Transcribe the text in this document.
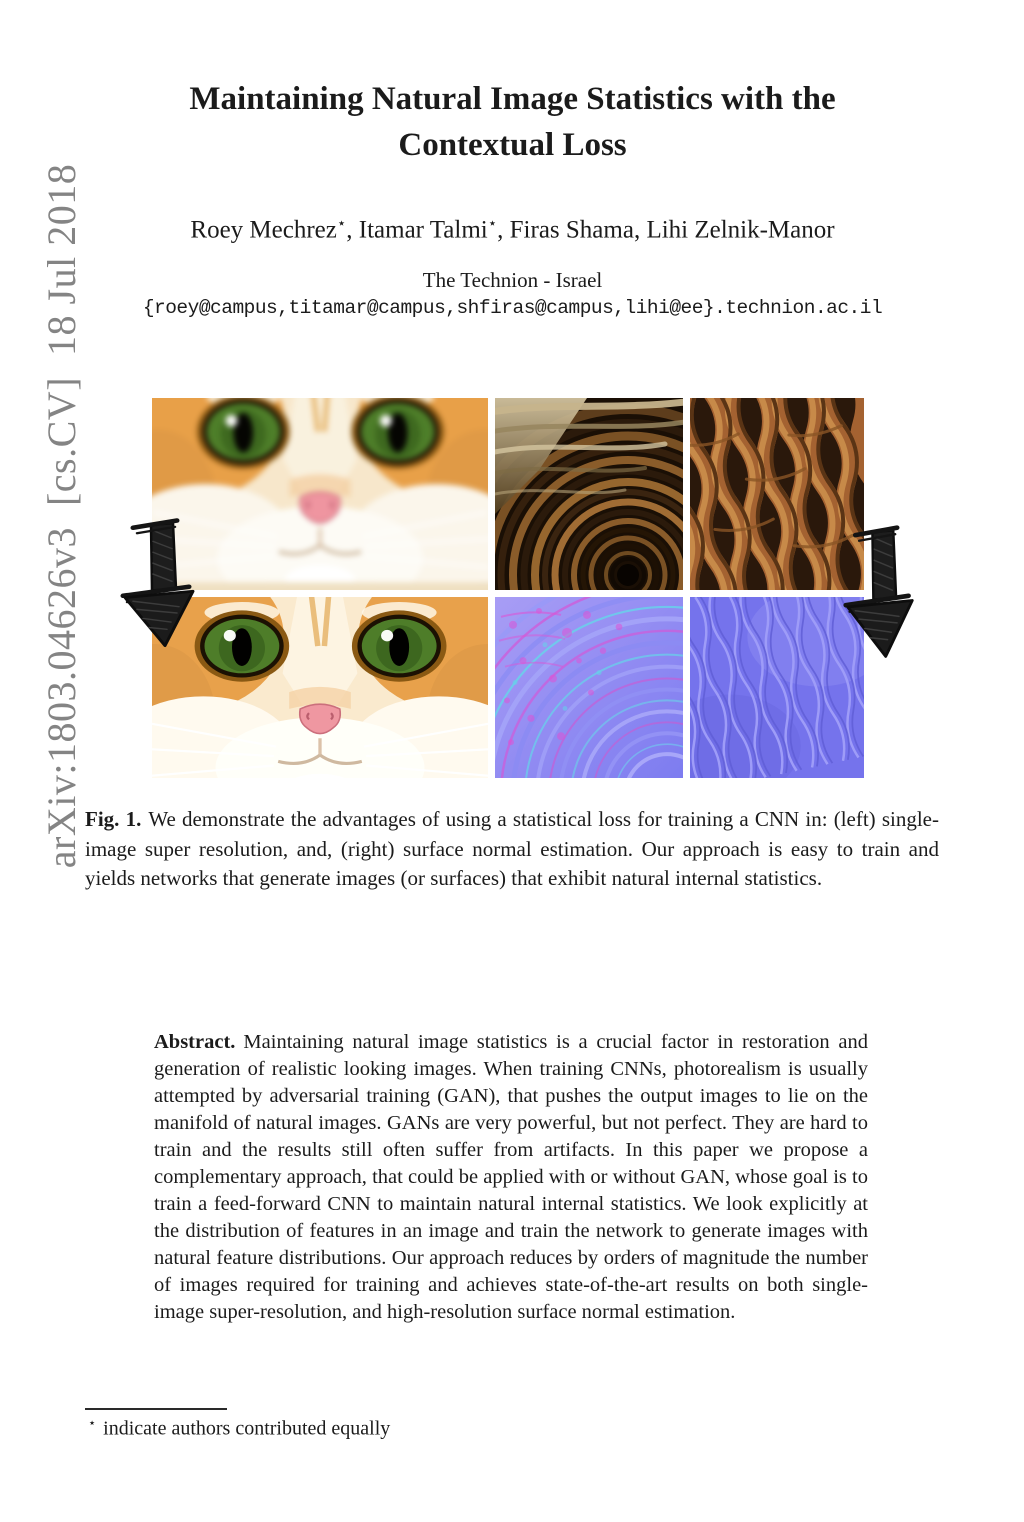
arXiv:1803.04626v3  [cs.CV]  18 Jul 2018
Maintaining Natural Image Statistics with the
Contextual Loss
Roey Mechrez⋆, Itamar Talmi⋆, Firas Shama, Lihi Zelnik-Manor
The Technion - Israel
{roey@campus,titamar@campus,shfiras@campus,lihi@ee}.technion.ac.il
Fig. 1. We demonstrate the advantages of using a statistical loss for training a CNN in: (left) single-image super resolution, and, (right) surface normal estimation. Our approach is easy to train and yields networks that generate images (or surfaces) that exhibit natural internal statistics.
Abstract. Maintaining natural image statistics is a crucial factor in restoration and generation of realistic looking images. When training CNNs, photorealism is usually attempted by adversarial training (GAN), that pushes the output images to lie on the manifold of natural images. GANs are very powerful, but not perfect. They are hard to train and the results still often suffer from artifacts. In this paper we propose a complementary approach, that could be applied with or without GAN, whose goal is to train a feed-forward CNN to maintain natural internal statistics. We look explicitly at the distribution of features in an image and train the network to generate images with natural feature distributions. Our approach reduces by orders of magnitude the number of images required for training and achieves state-of-the-art results on both single-image super-resolution, and high-resolution surface normal estimation.
⋆ indicate authors contributed equally
